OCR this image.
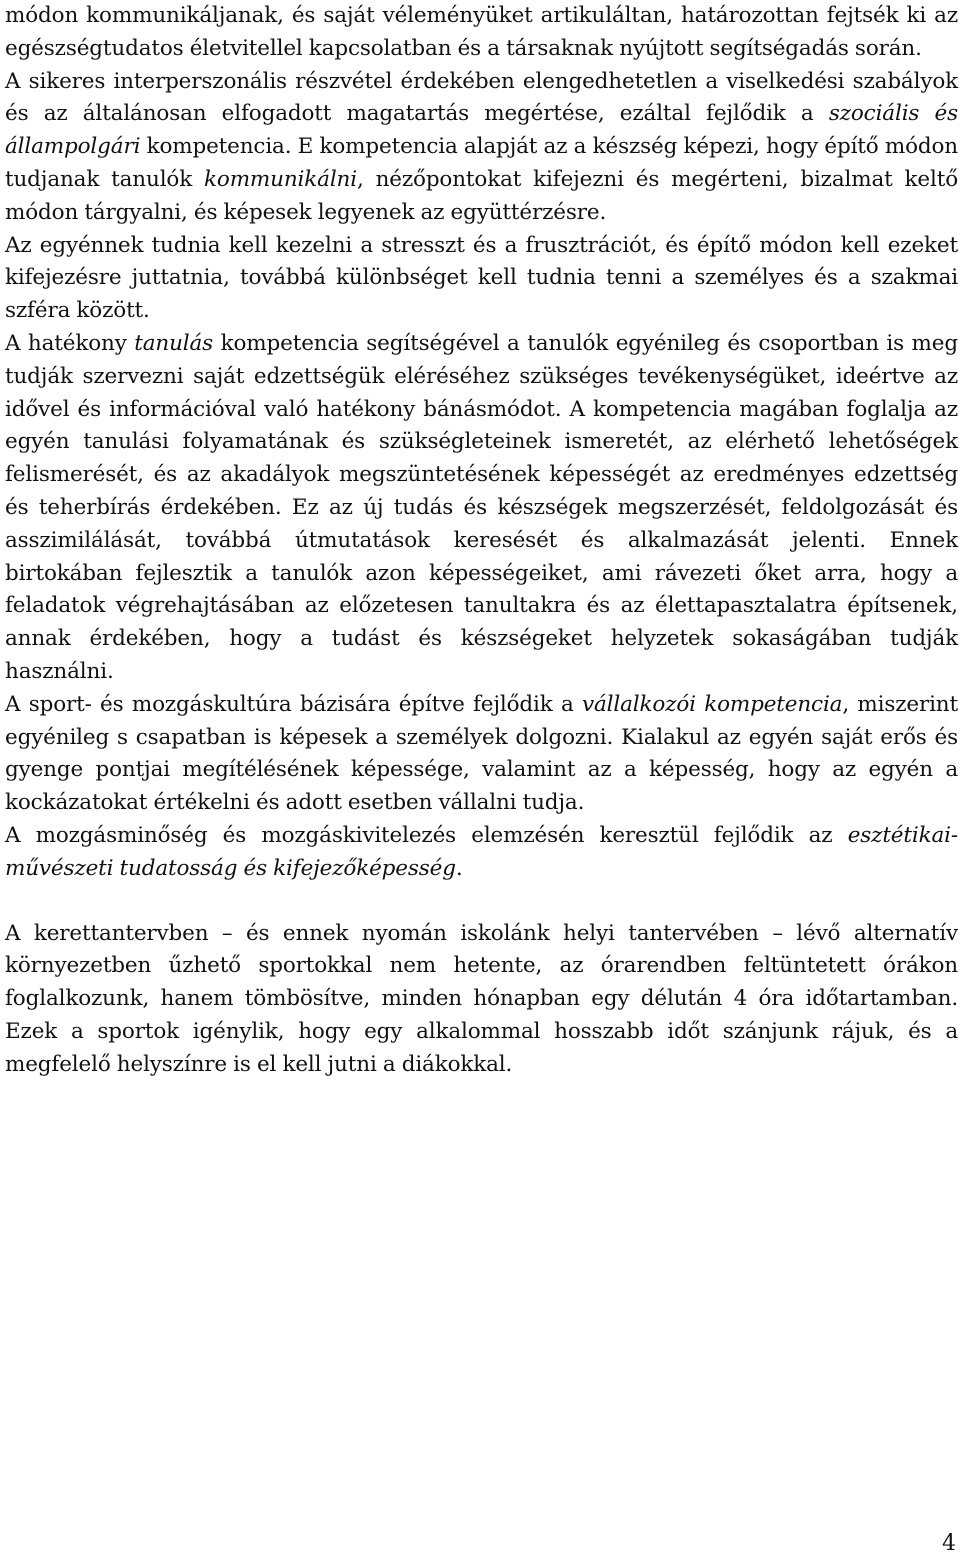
módon kommunikáljanak, és saját véleményüket artikuláltan, határozottan fejtsék ki az egészségtudatos életvitellel kapcsolatban és a társaknak nyújtott segítségadás során.

A sikeres interperszonális részvétel érdekében elengedhetetlen a viselkedési szabályok és az általánosan elfogadott magatartás megértése, ezáltal fejlődik a szociális és állampolgári kompetencia. E kompetencia alapját az a készség képezi, hogy építő módon tudjanak tanulók kommunikálni, nézőpontokat kifejezni és megérteni, bizalmat keltő módon tárgyalni, és képesek legyenek az együttérzésre.

Az egyénnek tudnia kell kezelni a stresszt és a frusztrációt, és építő módon kell ezeket kifejezésre juttatnia, továbbá különbséget kell tudnia tenni a személyes és a szakmai szféra között.

A hatékony tanulás kompetencia segítségével a tanulók egyénileg és csoportban is meg tudják szervezni saját edzettségük eléréséhez szükséges tevékenységüket, ideértve az idővel és információval való hatékony bánásmódot. A kompetencia magában foglalja az egyén tanulási folyamatának és szükségleteinek ismeretét, az elérhető lehetőségek felismerését, és az akadályok megszüntetésének képességét az eredményes edzettség és teherbírás érdekében. Ez az új tudás és készségek megszerzését, feldolgozását és asszimilálását, továbbá útmutatások keresését és alkalmazását jelenti. Ennek birtokában fejlesztik a tanulók azon képességeiket, ami rávezeti őket arra, hogy a feladatok végrehajtásában az előzetesen tanultakra és az élettapasztalatra építsenek, annak érdekében, hogy a tudást és készségeket helyzetek sokaságában tudják használni.

A sport- és mozgáskultúra bázisára építve fejlődik a vállalkozói kompetencia, miszerint egyénileg s csapatban is képesek a személyek dolgozni. Kialakul az egyén saját erős és gyenge pontjai megítélésének képessége, valamint az a képesség, hogy az egyén a kockázatokat értékelni és adott esetben vállalni tudja.

A mozgásminőség és mozgáskivitelezés elemzésén keresztül fejlődik az esztétikai-művészeti tudatosság és kifejezőképesség.

A kerettantervben – és ennek nyomán iskolánk helyi tantervében – lévő alternatív környezetben űzhető sportokkal nem hetente, az órarendben feltüntetett órákon foglalkozunk, hanem tömbösítve, minden hónapban egy délután 4 óra időtartamban. Ezek a sportok igénylik, hogy egy alkalommal hosszabb időt szánjunk rájuk, és a megfelelő helyszínre is el kell jutni a diákokkal.

4
